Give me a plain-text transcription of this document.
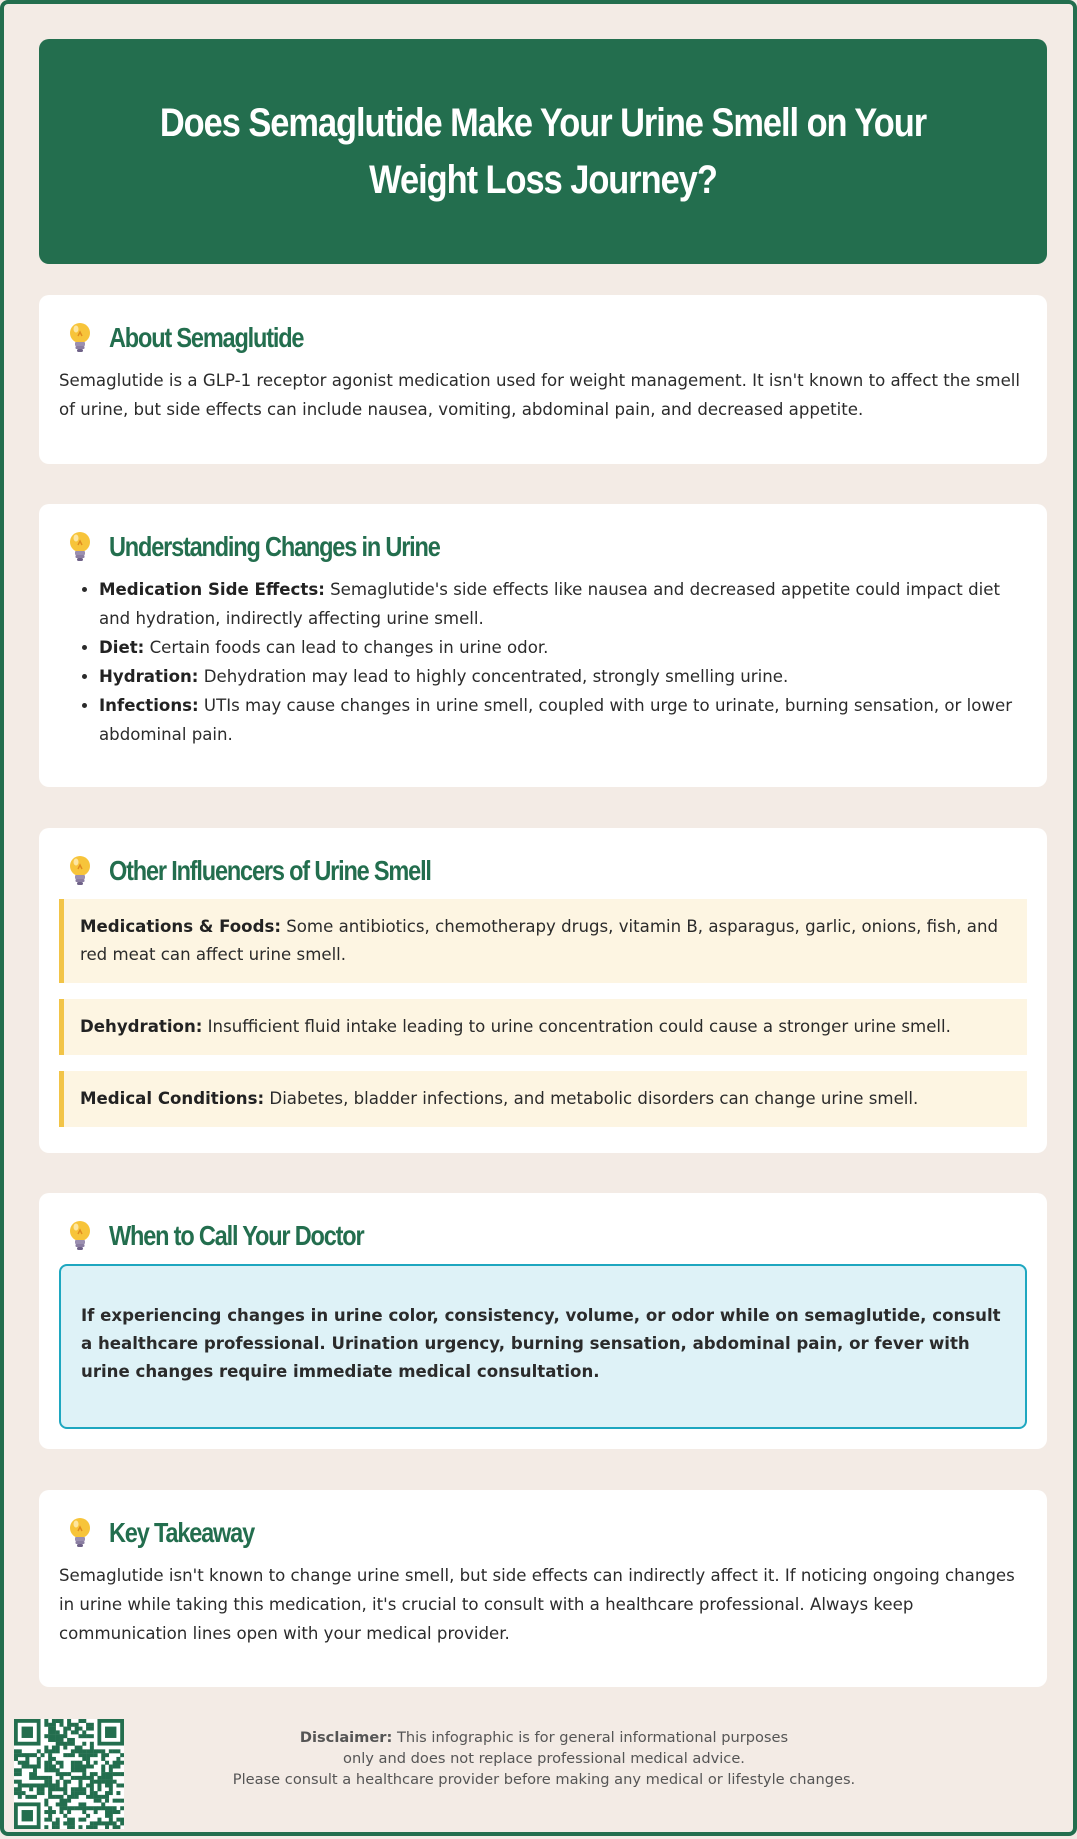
Does Semaglutide Make Your Urine Smell on Your Weight Loss Journey?
About Semaglutide

Semaglutide is a GLP-1 receptor agonist medication used for weight management. It isn't known to affect the smell of urine, but side effects can include nausea, vomiting, abdominal pain, and decreased appetite.

Understanding Changes in Urine
• Medication Side Effects: Semaglutide's side effects like nausea and decreased appetite could impact diet and hydration, indirectly affecting urine smell.
• Diet: Certain foods can lead to changes in urine odor.
• Hydration: Dehydration may lead to highly concentrated, strongly smelling urine.
• Infections: UTIs may cause changes in urine smell, coupled with urge to urinate, burning sensation, or lower abdominal pain.
Other Influencers of Urine Smell
Medications & Foods: Some antibiotics, chemotherapy drugs, vitamin B, asparagus, garlic, onions, fish, and red meat can affect urine smell.
Dehydration: Insufficient fluid intake leading to urine concentration could cause a stronger urine smell.
Medical Conditions: Diabetes, bladder infections, and metabolic disorders can change urine smell.
When to Call Your Doctor
If experiencing changes in urine color, consistency, volume, or odor while on semaglutide, consult a healthcare professional. Urination urgency, burning sensation, abdominal pain, or fever with urine changes require immediate medical consultation.
Key Takeaway

Semaglutide isn't known to change urine smell, but side effects can indirectly affect it. If noticing ongoing changes in urine while taking this medication, it's crucial to consult with a healthcare professional. Always keep communication lines open with your medical provider.

Disclaimer: This infographic is for general informational purposes
only and does not replace professional medical advice.
Please consult a healthcare provider before making any medical or lifestyle changes.
